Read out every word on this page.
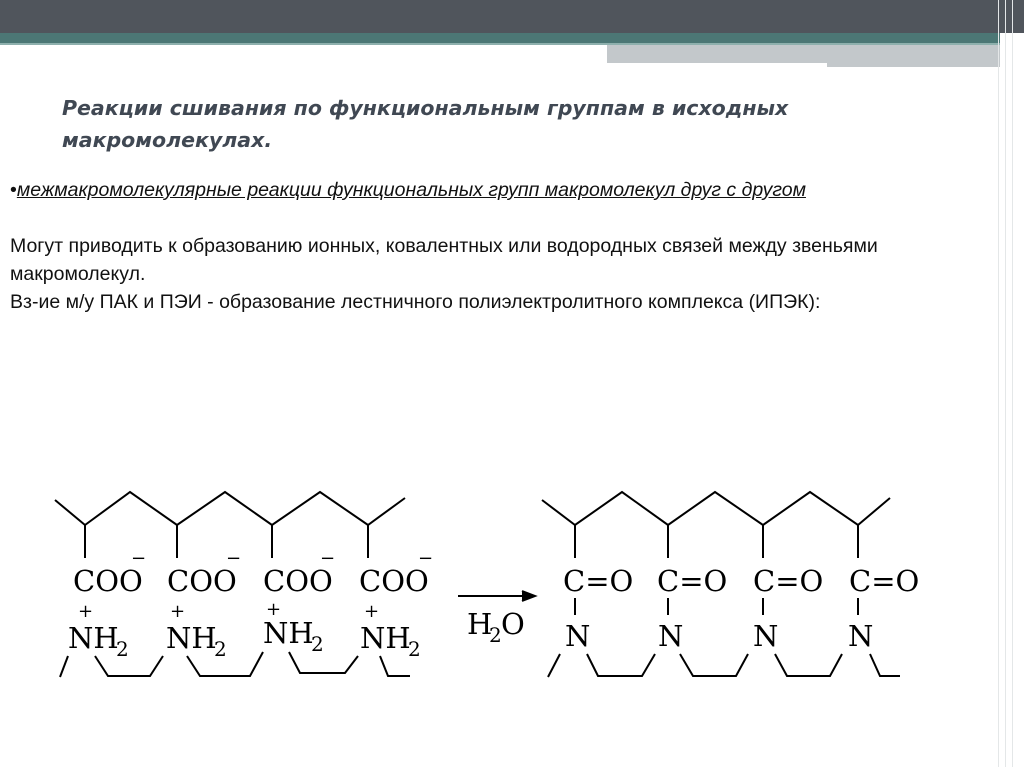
Реакции сшивания по функциональным группам в исходных макромолекулах.
•межмакромолекулярные реакции функциональных групп макромолекул друг с другом
Могут приводить к образованию ионных, ковалентных или водородных связей между звеньями макромолекул.
Вз-ие м/у ПАК и ПЭИ - образование лестничного полиэлектролитного комплекса (ИПЭК):
COO COO COO COO
NH NH NH NH
2	2	2	2
−	−	−	−
+	+	+	+	H
2 O
C=O C=O C=O C=O
N N N N
